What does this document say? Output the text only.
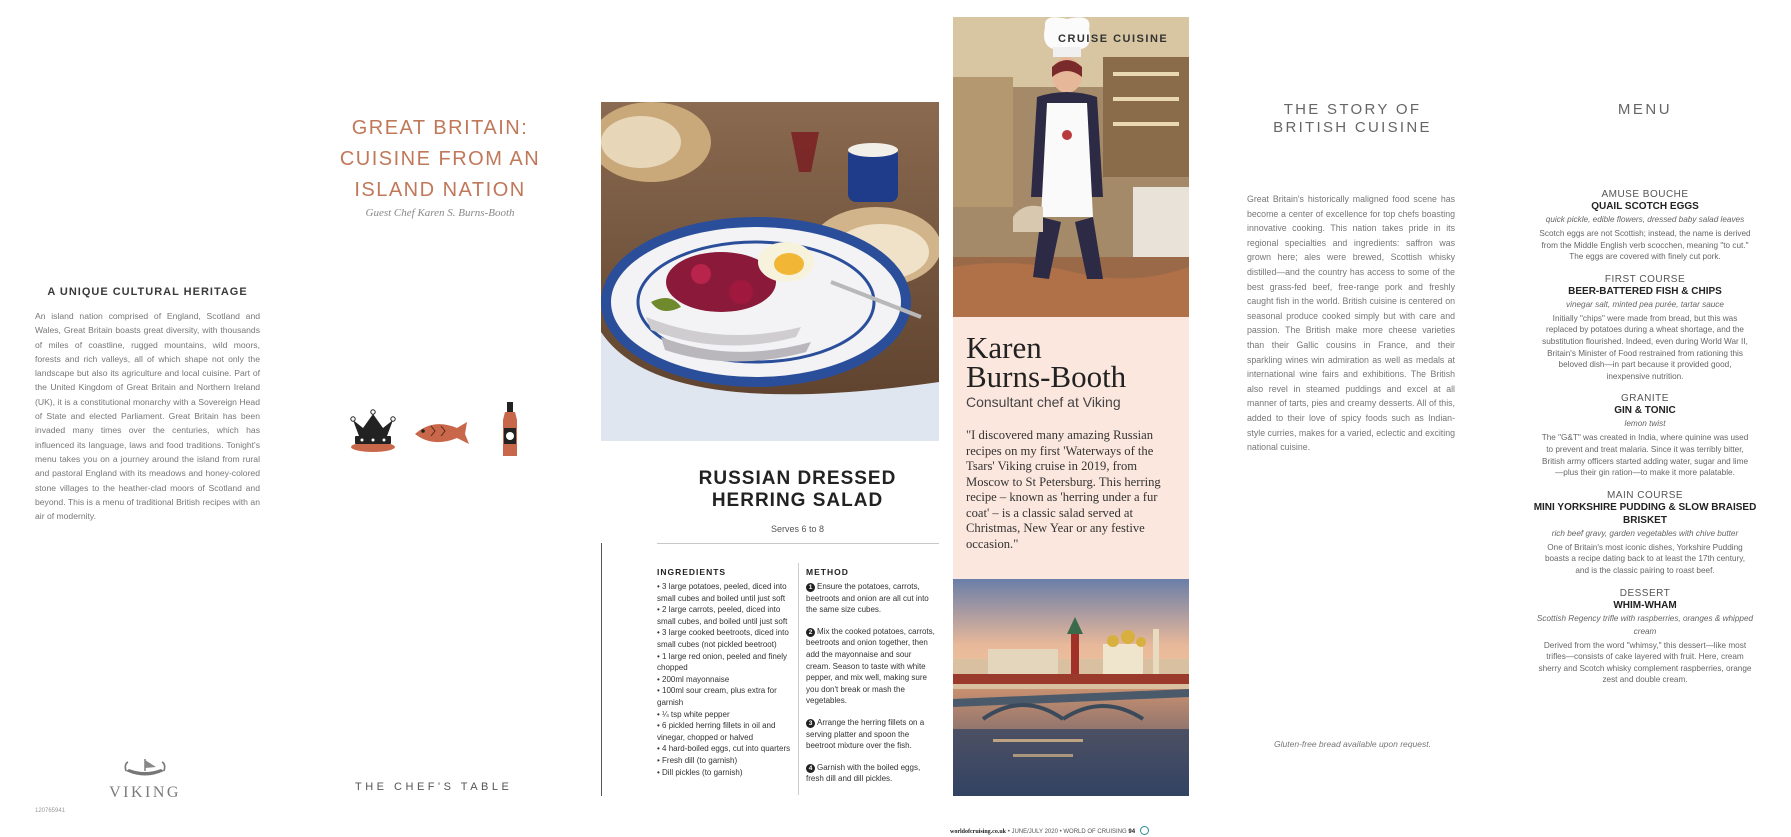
A UNIQUE CULTURAL HERITAGE
An island nation comprised of England, Scotland and Wales, Great Britain boasts great diversity, with thousands of miles of coastline, rugged mountains, wild moors, forests and rich valleys, all of which shape not only the landscape but also its agriculture and local cuisine. Part of the United Kingdom of Great Britain and Northern Ireland (UK), it is a constitutional monarchy with a Sovereign Head of State and elected Parliament. Great Britain has been invaded many times over the centuries, which has influenced its language, laws and food traditions. Tonight's menu takes you on a journey around the island from rural and pastoral England with its meadows and honey-colored stone villages to the heather-clad moors of Scotland and beyond. This is a menu of traditional British recipes with an air of modernity.
VIKING
120765941
GREAT BRITAIN:
CUISINE FROM AN
ISLAND NATION
Guest Chef Karen S. Burns-Booth
THE CHEF'S TABLE
RUSSIAN DRESSED
HERRING SALAD
Serves 6 to 8
INGREDIENTS
• 3 large potatoes, peeled, diced into small cubes and boiled until just soft
• 2 large carrots, peeled, diced into small cubes, and boiled until just soft
• 3 large cooked beetroots, diced into small cubes (not pickled beetroot)
• 1 large red onion, peeled and finely chopped
• 200ml mayonnaise
• 100ml sour cream, plus extra for garnish
• ¼ tsp white pepper
• 6 pickled herring fillets in oil and vinegar, chopped or halved
• 4 hard-boiled eggs, cut into quarters
• Fresh dill (to garnish)
• Dill pickles (to garnish)
METHOD
1 Ensure the potatoes, carrots, beetroots and onion are all cut into the same size cubes.
2 Mix the cooked potatoes, carrots, beetroots and onion together, then add the mayonnaise and sour cream. Season to taste with white pepper, and mix well, making sure you don't break or mash the vegetables.
3 Arrange the herring fillets on a serving platter and spoon the beetroot mixture over the fish.
4 Garnish with the boiled eggs, fresh dill and dill pickles.
CRUISE CUISINE
Karen
Burns-Booth
Consultant chef at Viking
"I discovered many amazing Russian recipes on my first 'Waterways of the Tsars' Viking cruise in 2019, from Moscow to St Petersburg. This herring recipe – known as 'herring under a fur coat' – is a classic salad served at Christmas, New Year or any festive occasion."
worldofcruising.co.uk • JUNE/JULY 2020 • WORLD OF CRUISING 94
THE STORY OF
BRITISH CUISINE
Great Britain's historically maligned food scene has become a center of excellence for top chefs boasting innovative cooking. This nation takes pride in its regional specialties and ingredients: saffron was grown here; ales were brewed, Scottish whisky distilled—and the country has access to some of the best grass-fed beef, free-range pork and freshly caught fish in the world. British cuisine is centered on seasonal produce cooked simply but with care and passion. The British make more cheese varieties than their Gallic cousins in France, and their sparkling wines win admiration as well as medals at international wine fairs and exhibitions. The British also revel in steamed puddings and excel at all manner of tarts, pies and creamy desserts. All of this, added to their love of spicy foods such as Indian-style curries, makes for a varied, eclectic and exciting national cuisine.
Gluten-free bread available upon request.
MENU
AMUSE BOUCHE
QUAIL SCOTCH EGGS
quick pickle, edible flowers, dressed baby salad leaves
Scotch eggs are not Scottish; instead, the name is derived from the Middle English verb scocchen, meaning "to cut." The eggs are covered with finely cut pork.
FIRST COURSE
BEER-BATTERED FISH & CHIPS
vinegar salt, minted pea purée, tartar sauce
Initially "chips" were made from bread, but this was replaced by potatoes during a wheat shortage, and the substitution flourished. Indeed, even during World War II, Britain's Minister of Food restrained from rationing this beloved dish—in part because it provided good, inexpensive nutrition.
GRANITE
GIN & TONIC
lemon twist
The "G&T" was created in India, where quinine was used to prevent and treat malaria. Since it was terribly bitter, British army officers started adding water, sugar and lime—plus their gin ration—to make it more palatable.
MAIN COURSE
MINI YORKSHIRE PUDDING & SLOW BRAISED BRISKET
rich beef gravy, garden vegetables with chive butter
One of Britain's most iconic dishes, Yorkshire Pudding boasts a recipe dating back to at least the 17th century, and is the classic pairing to roast beef.
DESSERT
WHIM-WHAM
Scottish Regency trifle with raspberries, oranges & whipped cream
Derived from the word "whimsy," this dessert—like most trifles—consists of cake layered with fruit. Here, cream sherry and Scotch whisky complement raspberries, orange zest and double cream.
